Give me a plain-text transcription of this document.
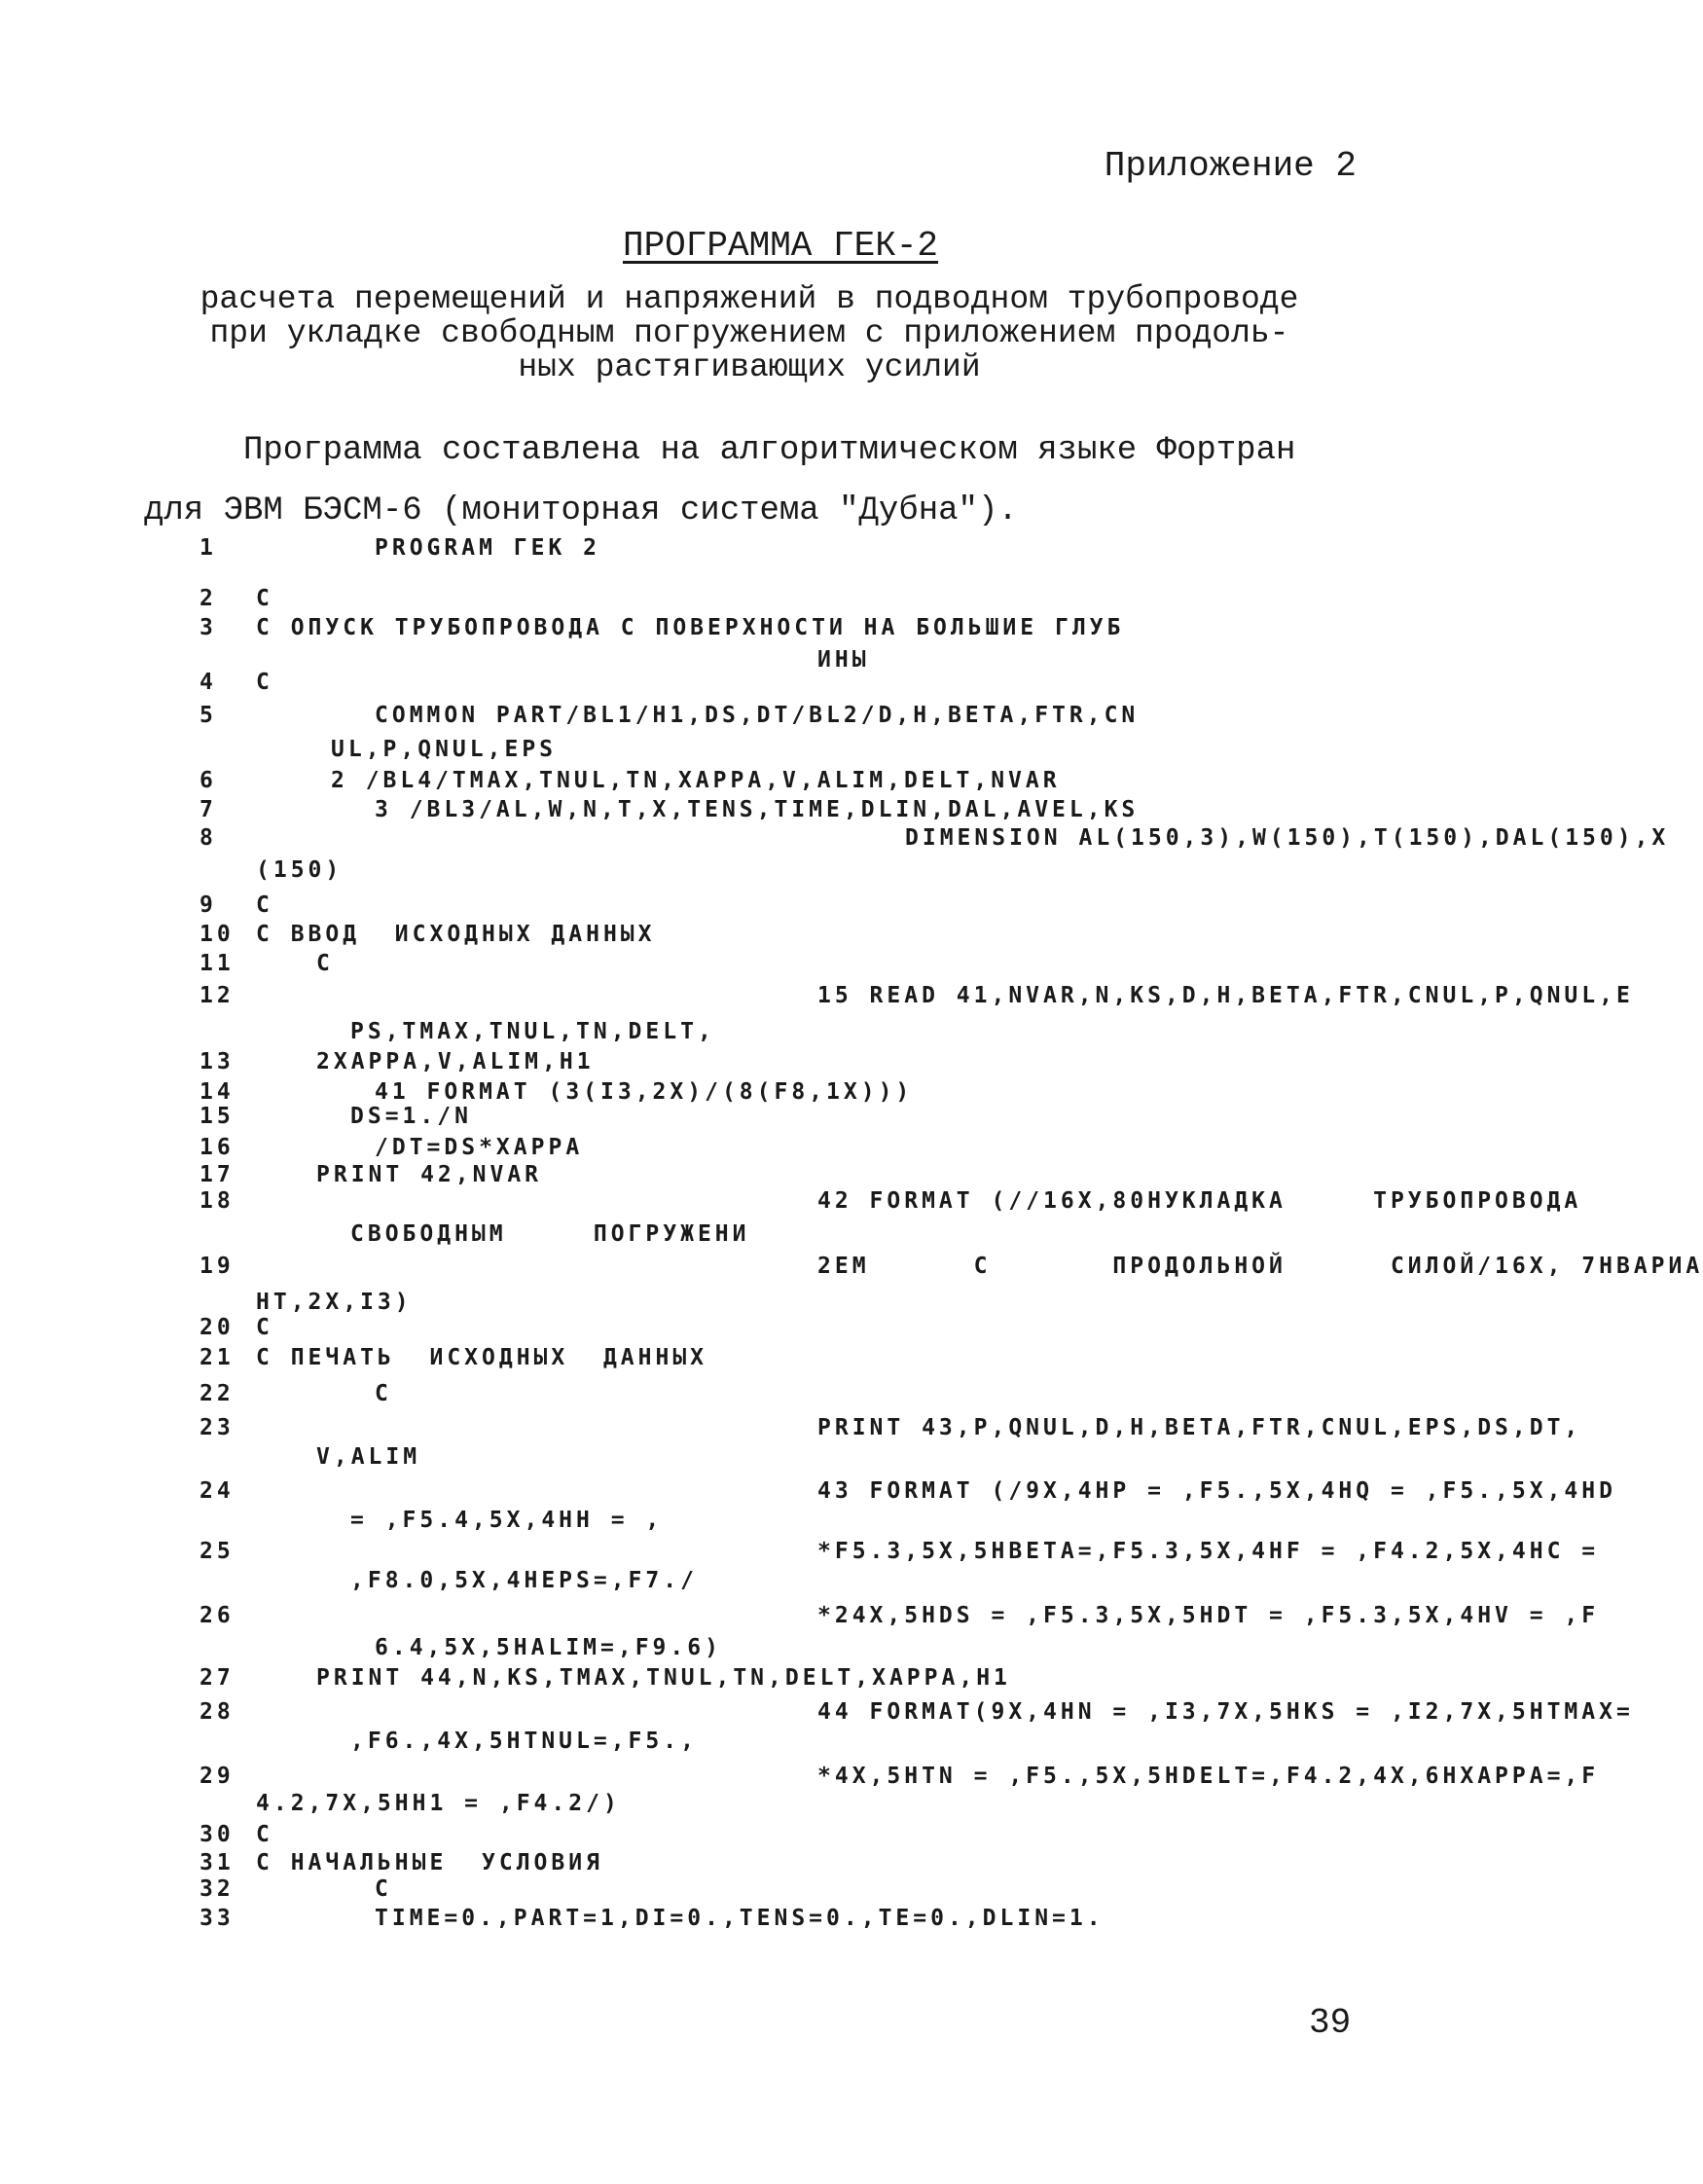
Приложение 2
ПРОГРАММА ГЕК-2
расчета перемещений и напряжений в подводном трубопроводе
при укладке свободным погружением с приложением продоль-
ных растягивающих усилий
Программа составлена на алгоритмическом языке Фортран
для ЭВМ БЭСМ-6 (мониторная система "Дубна").
1	PROGRAM ГЕК 2
2 C
3 C ОПУСК ТРУБОПРОВОДА С ПОВЕРХНОСТИ НА БОЛЬШИЕ ГЛУБ
ИНЫ
4 C
5	COMMON PART/BL1/H1,DS,DT/BL2/D,H,BETA,FTR,CN
UL,P,QNUL,EPS
6	2 /BL4/TMAX,TNUL,TN,XAPPA,V,ALIM,DELT,NVAR
7	3 /BL3/AL,W,N,T,X,TENS,TIME,DLIN,DAL,AVEL,KS
8	DIMENSION AL(150,3),W(150),T(150),DAL(150),X
(150)
9 C
10 C ВВОД  ИСХОДНЫХ ДАННЫХ
11	C
12	15 READ 41,NVAR,N,KS,D,H,BETA,FTR,CNUL,P,QNUL,E
PS,TMAX,TNUL,TN,DELT,
13	2XAPPA,V,ALIM,H1
14	41 FORMAT (3(I3,2X)/(8(F8,1X)))
15	DS=1./N
16	/DT=DS*XAPPA
17	PRINT 42,NVAR
18	42 FORMAT (//16X,80HУКЛАДКА     ТРУБОПРОВОДА
СВОБОДНЫМ     ПОГРУЖЕНИ
19	2ЕМ      С       ПРОДОЛЬНОЙ      СИЛОЙ/16X, 7HВАРИА
НТ,2X,I3)
20 C
21 C ПЕЧАТЬ  ИСХОДНЫХ  ДАННЫХ
22	C
23	PRINT 43,P,QNUL,D,H,BETA,FTR,CNUL,EPS,DS,DT,
V,ALIM
24	43 FORMAT (/9X,4HP = ,F5.,5X,4HQ = ,F5.,5X,4HD
= ,F5.4,5X,4HH = ,
25	*F5.3,5X,5HBETA=,F5.3,5X,4HF = ,F4.2,5X,4HC =
,F8.0,5X,4HEPS=,F7./
26	*24X,5HDS = ,F5.3,5X,5HDT = ,F5.3,5X,4HV = ,F
6.4,5X,5HALIM=,F9.6)
27	PRINT 44,N,KS,TMAX,TNUL,TN,DELT,XAPPA,H1
28	44 FORMAT(9X,4HN = ,I3,7X,5HKS = ,I2,7X,5HTMAX=
,F6.,4X,5HTNUL=,F5.,
29	*4X,5HTN = ,F5.,5X,5HDELT=,F4.2,4X,6HXAPPA=,F
4.2,7X,5HH1 = ,F4.2/)
30 C
31 C НАЧАЛЬНЫЕ  УСЛОВИЯ
32	C
33	TIME=0.,PART=1,DI=0.,TENS=0.,TE=0.,DLIN=1.
39
